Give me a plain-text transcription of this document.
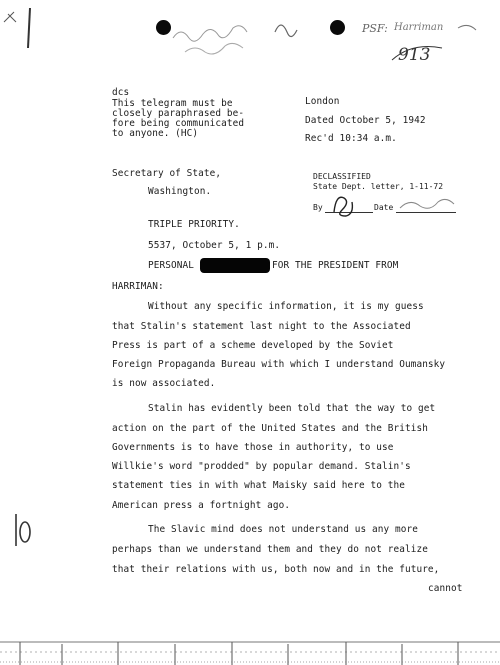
PSF: Harriman
913
dcs
This telegram must be
closely paraphrased be-
fore being communicated
to anyone. (HC)
London
Dated October 5, 1942
Rec'd 10:34 a.m.
Secretary of State,
Washington.
DECLASSIFIED
State Dept. letter, 1-11-72
By	Date
TRIPLE PRIORITY.
5537, October 5, 1 p.m.
PERSONAL	FOR THE PRESIDENT FROM
HARRIMAN:
Without any specific information, it is my guess
that Stalin's statement last night to the Associated
Press is part of a scheme developed by the Soviet
Foreign Propaganda Bureau with which I understand Oumansky
is now associated.
Stalin has evidently been told that the way to get
action on the part of the United States and the British
Governments is to have those in authority, to use
Willkie's word "prodded" by popular demand. Stalin's
statement ties in with what Maisky said here to the
American press a fortnight ago.
The Slavic mind does not understand us any more
perhaps than we understand them and they do not realize
that their relations with us, both now and in the future,
cannot
